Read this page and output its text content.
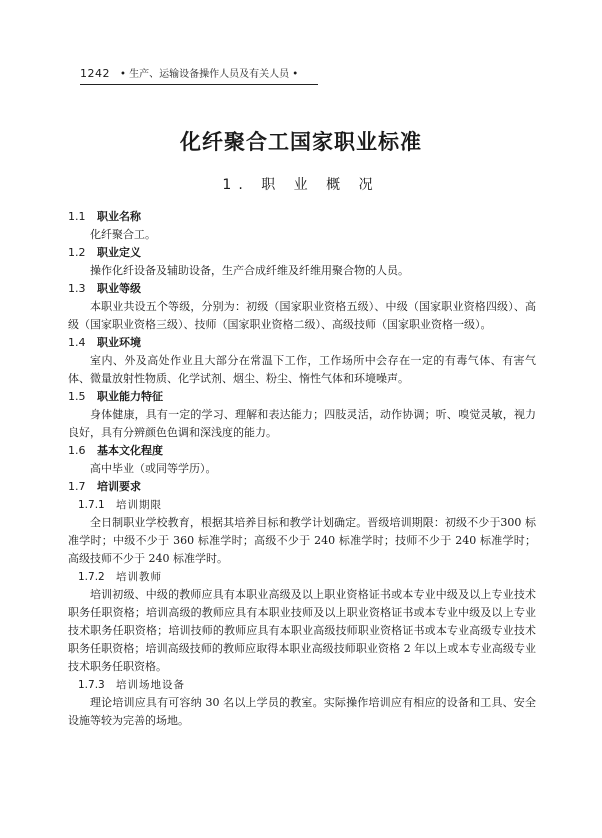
1242 • 生产、运输设备操作人员及有关人员 •
化纤聚合工国家职业标准
1. 职 业 概 况

1.1 职业名称

化纤聚合工。

1.2 职业定义

操作化纤设备及辅助设备，生产合成纤维及纤维用聚合物的人员。

1.3 职业等级

本职业共设五个等级，分别为：初级（国家职业资格五级）、中级（国家职业资格四级）、高级（国家职业资格三级）、技师（国家职业资格二级）、高级技师（国家职业资格一级）。

1.4 职业环境

室内、外及高处作业且大部分在常温下工作，工作场所中会存在一定的有毒气体、有害气体、微量放射性物质、化学试剂、烟尘、粉尘、惰性气体和环境噪声。

1.5 职业能力特征

身体健康，具有一定的学习、理解和表达能力；四肢灵活，动作协调；听、嗅觉灵敏，视力良好，具有分辨颜色色调和深浅度的能力。

1.6 基本文化程度

高中毕业（或同等学历）。

1.7 培训要求

1.7.1 培训期限

全日制职业学校教育，根据其培养目标和教学计划确定。晋级培训期限：初级不少于300 标准学时；中级不少于 360 标准学时；高级不少于 240 标准学时；技师不少于 240 标准学时；高级技师不少于 240 标准学时。

1.7.2 培训教师

培训初级、中级的教师应具有本职业高级及以上职业资格证书或本专业中级及以上专业技术职务任职资格；培训高级的教师应具有本职业技师及以上职业资格证书或本专业中级及以上专业技术职务任职资格；培训技师的教师应具有本职业高级技师职业资格证书或本专业高级专业技术职务任职资格；培训高级技师的教师应取得本职业高级技师职业资格 2 年以上或本专业高级专业技术职务任职资格。

1.7.3 培训场地设备

理论培训应具有可容纳 30 名以上学员的教室。实际操作培训应有相应的设备和工具、安全设施等较为完善的场地。
